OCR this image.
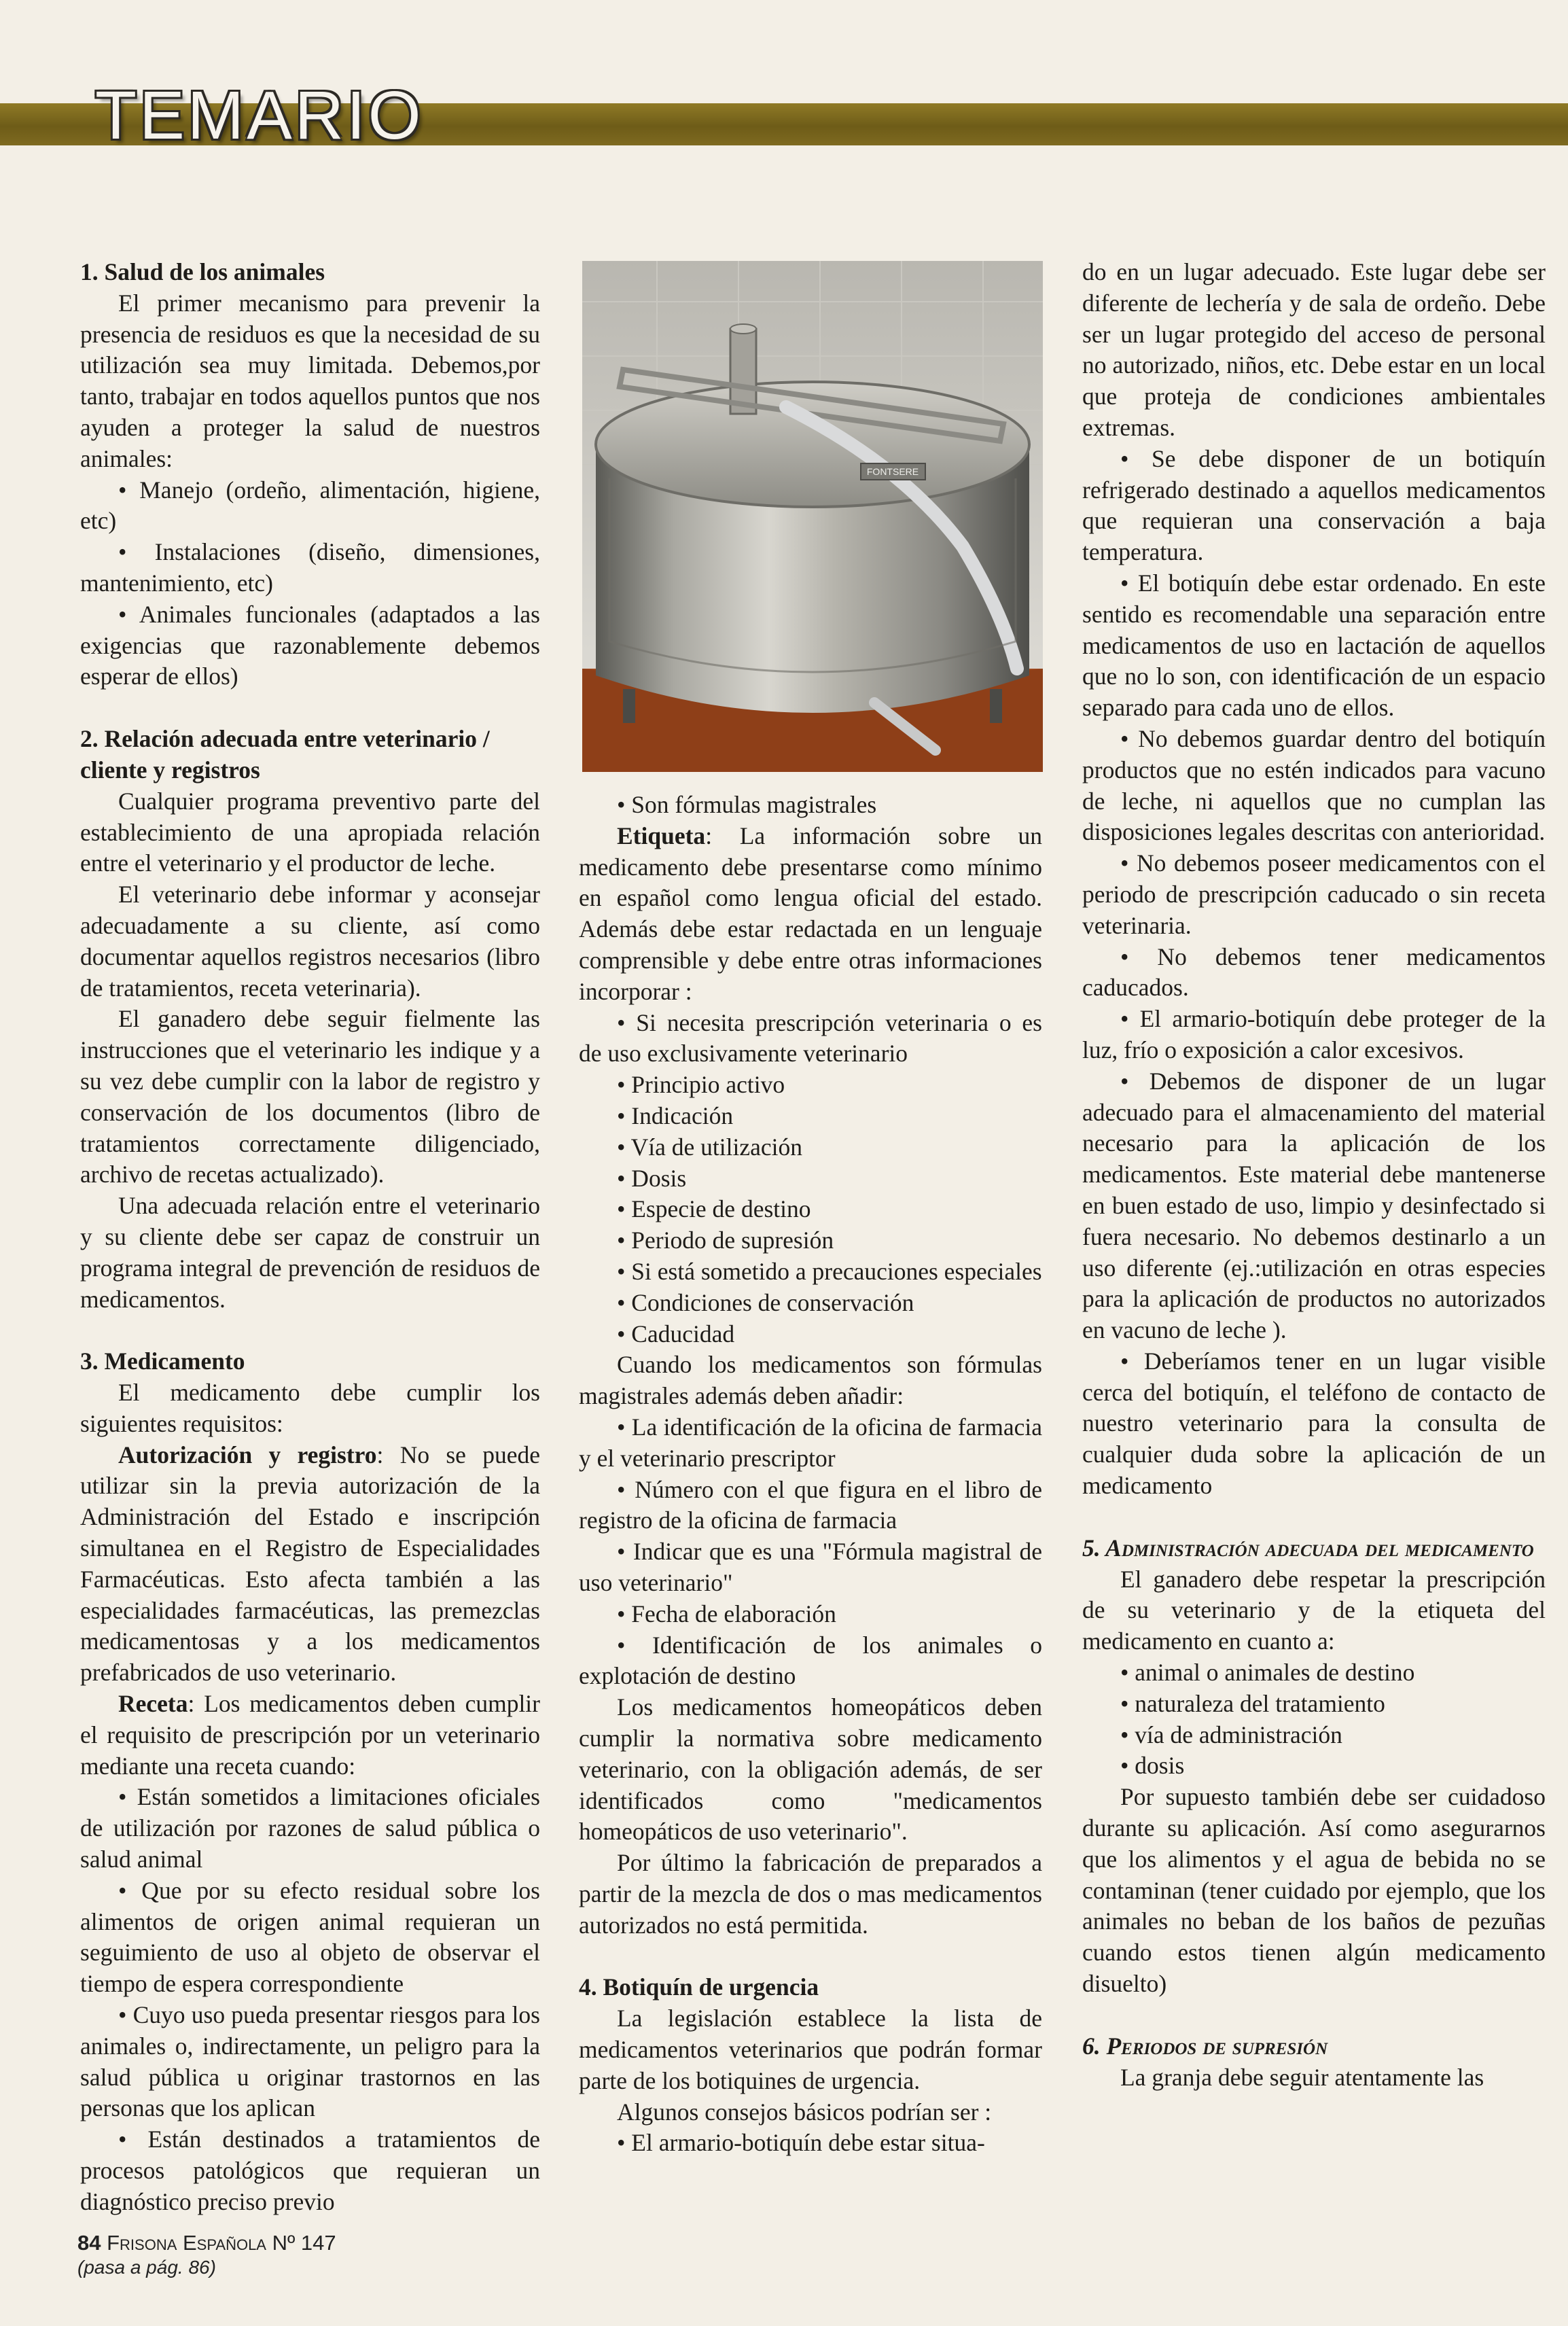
TEMARIO
1. Salud de los animales

El primer mecanismo para prevenir la presencia de residuos es que la necesidad de su utilización sea muy limitada. Debemos,por tanto, trabajar en todos aquellos puntos que nos ayuden a proteger la salud de nuestros animales:

• Manejo (ordeño, alimentación, higiene, etc)

• Instalaciones (diseño, dimensiones, mantenimiento, etc)

• Animales funcionales (adaptados a las exigencias que razonablemente debemos esperar de ellos)

2. Relación adecuada entre veterinario / cliente y registros

Cualquier programa preventivo parte del establecimiento de una apropiada relación entre el veterinario y el productor de leche.

El veterinario debe informar y aconsejar adecuadamente a su cliente, así como documentar aquellos registros necesarios (libro de tratamientos, receta veterinaria).

El ganadero debe seguir fielmente las instrucciones que el veterinario les indique y a su vez debe cumplir con la labor de registro y conservación de los documentos (libro de tratamientos correctamente diligenciado, archivo de recetas actualizado).

Una adecuada relación entre el veterinario y su cliente debe ser capaz de construir un programa integral de prevención de residuos de medicamentos.

3. Medicamento

El medicamento debe cumplir los siguientes requisitos:

Autorización y registro: No se puede utilizar sin la previa autorización de la Administración del Estado e inscripción simultanea en el Registro de Especialidades Farmacéuticas. Esto afecta también a las especialidades farmacéuticas, las premezclas medicamentosas y a los medicamentos prefabricados de uso veterinario.

Receta: Los medicamentos deben cumplir el requisito de prescripción por un veterinario mediante una receta cuando:

• Están sometidos a limitaciones oficiales de utilización por razones de salud pública o salud animal

• Que por su efecto residual sobre los alimentos de origen animal requieran un seguimiento de uso al objeto de observar el tiempo de espera correspondiente

• Cuyo uso pueda presentar riesgos para los animales o, indirectamente, un peligro para la salud pública u originar trastornos en las personas que los aplican

• Están destinados a tratamientos de procesos patológicos que requieran un diagnóstico preciso previo

FONTSERE

• Son fórmulas magistrales

Etiqueta: La información sobre un medicamento debe presentarse como mínimo en español como lengua oficial del estado. Además debe estar redactada en un lenguaje comprensible y debe entre otras informaciones incorporar :

• Si necesita prescripción veterinaria o es de uso exclusivamente veterinario

• Principio activo

• Indicación

• Vía de utilización

• Dosis

• Especie de destino

• Periodo de supresión

• Si está sometido a precauciones especiales

• Condiciones de conservación

• Caducidad

Cuando los medicamentos son fórmulas magistrales además deben añadir:

• La identificación de la oficina de farmacia y el veterinario prescriptor

• Número con el que figura en el libro de registro de la oficina de farmacia

• Indicar que es una "Fórmula magistral de uso veterinario"

• Fecha de elaboración

• Identificación de los animales o explotación de destino

Los medicamentos homeopáticos deben cumplir la normativa sobre medicamento veterinario, con la obligación además, de ser identificados como "medicamentos homeopáticos de uso veterinario".

Por último la fabricación de preparados a partir de la mezcla de dos o mas medicamentos autorizados no está permitida.

4. Botiquín de urgencia

La legislación establece la lista de medicamentos veterinarios que podrán formar parte de los botiquines de urgencia.

Algunos consejos básicos podrían ser :

• El armario-botiquín debe estar situa-

do en un lugar adecuado. Este lugar debe ser diferente de lechería y de sala de ordeño. Debe ser un lugar protegido del acceso de personal no autorizado, niños, etc. Debe estar en un local que proteja de condiciones ambientales extremas.

• Se debe disponer de un botiquín refrigerado destinado a aquellos medicamentos que requieran una conservación a baja temperatura.

• El botiquín debe estar ordenado. En este sentido es recomendable una separación entre medicamentos de uso en lactación de aquellos que no lo son, con identificación de un espacio separado para cada uno de ellos.

• No debemos guardar dentro del botiquín productos que no estén indicados para vacuno de leche, ni aquellos que no cumplan las disposiciones legales descritas con anterioridad.

• No debemos poseer medicamentos con el periodo de prescripción caducado o sin receta veterinaria.

• No debemos tener medicamentos caducados.

• El armario-botiquín debe proteger de la luz, frío o exposición a calor excesivos.

• Debemos de disponer de un lugar adecuado para el almacenamiento del material necesario para la aplicación de los medicamentos. Este material debe mantenerse en buen estado de uso, limpio y desinfectado si fuera necesario. No debemos destinarlo a un uso diferente (ej.:utilización en otras especies para la aplicación de productos no autorizados en vacuno de leche ).

• Deberíamos tener en un lugar visible cerca del botiquín, el teléfono de contacto de nuestro veterinario para la consulta de cualquier duda sobre la aplicación de un medicamento

5. Administración adecuada del medicamento

El ganadero debe respetar la prescripción de su veterinario y de la etiqueta del medicamento en cuanto a:

• animal o animales de destino

• naturaleza del tratamiento

• vía de administración

• dosis

Por supuesto también debe ser cuidadoso durante su aplicación. Así como asegurarnos que los alimentos y el agua de bebida no se contaminan (tener cuidado por ejemplo, que los animales no beban de los baños de pezuñas cuando estos tienen algún medicamento disuelto)

6. Periodos de supresión

La granja debe seguir atentamente las

84 Frisona Española Nº 147
(pasa a pág. 86)
